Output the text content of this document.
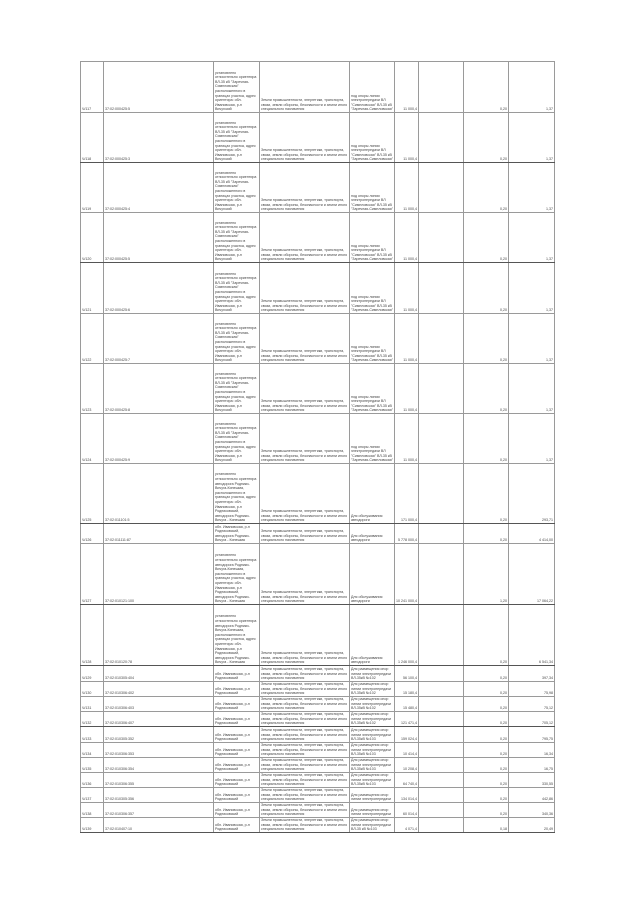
Ч/117	37:02:000425:5	установлено относительно ориентира ВЛ-35 кВ "Заречная-Симпловская" расположенного в границах участка, адрес ориентира: обл. Ивановская, р-н Вичугский	Земли промышленности, энергетики, транспорта, связи, земли обороны, безопасности и земли иного специального назначения	под опоры линии электропередачи ВЛ "Симпловская" ВЛ-35 кВ "Заречная-Симпловская"	11 000,4		0,20	1,37
Ч/118	37:02:000425:3	установлено относительно ориентира ВЛ-35 кВ "Заречная-Симпловская" расположенного в границах участка, адрес ориентира: обл. Ивановская, р-н Вичугский	Земли промышленности, энергетики, транспорта, связи, земли обороны, безопасности и земли иного специального назначения	под опоры линии электропередачи ВЛ "Симпловская" ВЛ-35 кВ "Заречная-Симпловская"	11 000,4		0,20	1,37
Ч/119	37:02:000425:4	установлено относительно ориентира ВЛ-35 кВ "Заречная-Симпловская" расположенного в границах участка, адрес ориентира: обл. Ивановская, р-н Вичугский	Земли промышленности, энергетики, транспорта, связи, земли обороны, безопасности и земли иного специального назначения	под опоры линии электропередачи ВЛ "Симпловская" ВЛ-35 кВ "Заречная-Симпловская"	11 000,4		0,20	1,37
Ч/120	37:02:000425:5	установлено относительно ориентира ВЛ-35 кВ "Заречная-Симпловская" расположенного в границах участка, адрес ориентира: обл. Ивановская, р-н Вичугский	Земли промышленности, энергетики, транспорта, связи, земли обороны, безопасности и земли иного специального назначения	под опоры линии электропередачи ВЛ "Симпловская" ВЛ-35 кВ "Заречная-Симпловская"	11 000,4		0,20	1,37
Ч/121	37:02:000425:6	установлено относительно ориентира ВЛ-35 кВ "Заречная-Симпловская" расположенного в границах участка, адрес ориентира: обл. Ивановская, р-н Вичугский	Земли промышленности, энергетики, транспорта, связи, земли обороны, безопасности и земли иного специального назначения	под опоры линии электропередачи ВЛ "Симпловская" ВЛ-35 кВ "Заречная-Симпловская"	11 000,4		0,20	1,37
Ч/122	37:02:000425:7	установлено относительно ориентира ВЛ-35 кВ "Заречная-Симпловская" расположенного в границах участка, адрес ориентира: обл. Ивановская, р-н Вичугский	Земли промышленности, энергетики, транспорта, связи, земли обороны, безопасности и земли иного специального назначения	под опоры линии электропередачи ВЛ "Симпловская" ВЛ-35 кВ "Заречная-Симпловская"	11 000,4		0,20	1,37
Ч/123	37:02:000425:8	установлено относительно ориентира ВЛ-35 кВ "Заречная-Симпловская" расположенного в границах участка, адрес ориентира: обл. Ивановская, р-н Вичугский	Земли промышленности, энергетики, транспорта, связи, земли обороны, безопасности и земли иного специального назначения	под опоры линии электропередачи ВЛ "Симпловская" ВЛ-35 кВ "Заречная-Симпловская"	11 000,4		0,20	1,37
Ч/124	37:02:000425:9	установлено относительно ориентира ВЛ-35 кВ "Заречная-Симпловская" расположенного в границах участка, адрес ориентира: обл. Ивановская, р-н Вичугский	Земли промышленности, энергетики, транспорта, связи, земли обороны, безопасности и земли иного специального назначения	под опоры линии электропередачи ВЛ "Симпловская" ВЛ-35 кВ "Заречная-Симпловская"	11 000,4		0,20	1,37
Ч/125	37:02:011101:5	установлено относительно ориентира автодорога Родники-Вичуга-Кинешма, расположенного в границах участка, адрес ориентира: обл. Ивановская, р-н Родниковский, автодорога Родники-Вичуга - Кинешма	Земли промышленности, энергетики, транспорта, связи, земли обороны, безопасности и земли иного специального назначения	Для обслуживания автодороги	171 000,4		0,20	293,71
Ч/126	37:02:011111:87	обл. Ивановская, р-н Родниковский, автодорога Родники-Вичуга - Кинешма	Земли промышленности, энергетики, транспорта, связи, земли обороны, безопасности и земли иного специального назначения	Для обслуживания автодороги	5 778 000,4		0,20	4 414,00
Ч/127	37:02:010121:100	установлено относительно ориентира автодорога Родники-Вичуга-Кинешма, расположенного в границах участка, адрес ориентира: обл. Ивановская, р-н Родниковский, автодорога Родники-Вичуга - Кинешма	Земли промышленности, энергетики, транспорта, связи, земли обороны, безопасности и земли иного специального назначения	Для обслуживания автодороги	10 241 000,4		1,20	17 064,22
Ч/128	37:02:010120:78	установлено относительно ориентира автодорога Родники-Вичуга-Кинешма, расположенного в границах участка, адрес ориентира: обл. Ивановская, р-н Родниковский, автодорога Родники-Вичуга - Кинешма	Земли промышленности, энергетики, транспорта, связи, земли обороны, безопасности и земли иного специального назначения	Для обслуживания автодороги	1 246 000,4		0,20	6 541,34
Ч/129	37:02:010305:404	обл. Ивановская, р-н Родниковский	Земли промышленности, энергетики, транспорта, связи, земли обороны, безопасности и земли иного специального назначения	Для размещения опор линии электропередачи ВЛ-35кВ №102	56 100,4		0,20	397,34
Ч/130	37:02:010306:402	обл. Ивановская, р-н Родниковский	Земли промышленности, энергетики, транспорта, связи, земли обороны, безопасности и земли иного специального назначения	Для размещения опор линии электропередачи ВЛ-35кВ №102	15 180,4		0,20	75,98
Ч/131	37:02:010306:403	обл. Ивановская, р-н Родниковский	Земли промышленности, энергетики, транспорта, связи, земли обороны, безопасности и земли иного специального назначения	Для размещения опор линии электропередачи ВЛ-35кВ №102	15 480,4		0,20	75,12
Ч/132	37:02:010306:407	обл. Ивановская, р-н Родниковский	Земли промышленности, энергетики, транспорта, связи, земли обороны, безопасности и земли иного специального назначения	Для размещения опор линии электропередачи ВЛ-35кВ №102	121 471,4		0,20	705,12
Ч/133	37:02:010305:352	обл. Ивановская, р-н Родниковский	Земли промышленности, энергетики, транспорта, связи, земли обороны, безопасности и земли иного специального назначения	Для размещения опор линии электропередачи ВЛ-35кВ №103	159 024,4		0,20	795,75
Ч/134	37:02:010306:353	обл. Ивановская, р-н Родниковский	Земли промышленности, энергетики, транспорта, связи, земли обороны, безопасности и земли иного специального назначения	Для размещения опор линии электропередачи ВЛ-35кВ №103	10 414,4		0,20	16,34
Ч/135	37:02:010306:354	обл. Ивановская, р-н Родниковский	Земли промышленности, энергетики, транспорта, связи, земли обороны, безопасности и земли иного специального назначения	Для размещения опор линии электропередачи ВЛ-35кВ №103	10 208,4		0,20	16,75
Ч/136	37:02:010306:355	обл. Ивановская, р-н Родниковский	Земли промышленности, энергетики, транспорта, связи, земли обороны, безопасности и земли иного специального назначения	Для размещения опор линии электропередачи ВЛ-35кВ №103	64 740,4		0,20	330,55
Ч/137	37:02:010305:356	обл. Ивановская, р-н Родниковский	Земли промышленности, энергетики, транспорта, связи, земли обороны, безопасности и земли иного специального назначения	Для размещения опор линии электропередачи	134 014,4		0,20	442,86
Ч/138	37:02:010306:357	обл. Ивановская, р-н Родниковский	Земли промышленности, энергетики, транспорта, связи, земли обороны, безопасности и земли иного специального назначения	Для размещения опор линии электропередачи	60 014,4		0,20	340,36
Ч/139	37:02:010407:10	обл. Ивановская, р-н Родниковский	Земли промышленности, энергетики, транспорта, связи, земли обороны, безопасности и земли иного специального назначения	Для размещения опор линии электропередачи ВЛ-35 кВ №103	4 071,4		0,18	20,49
